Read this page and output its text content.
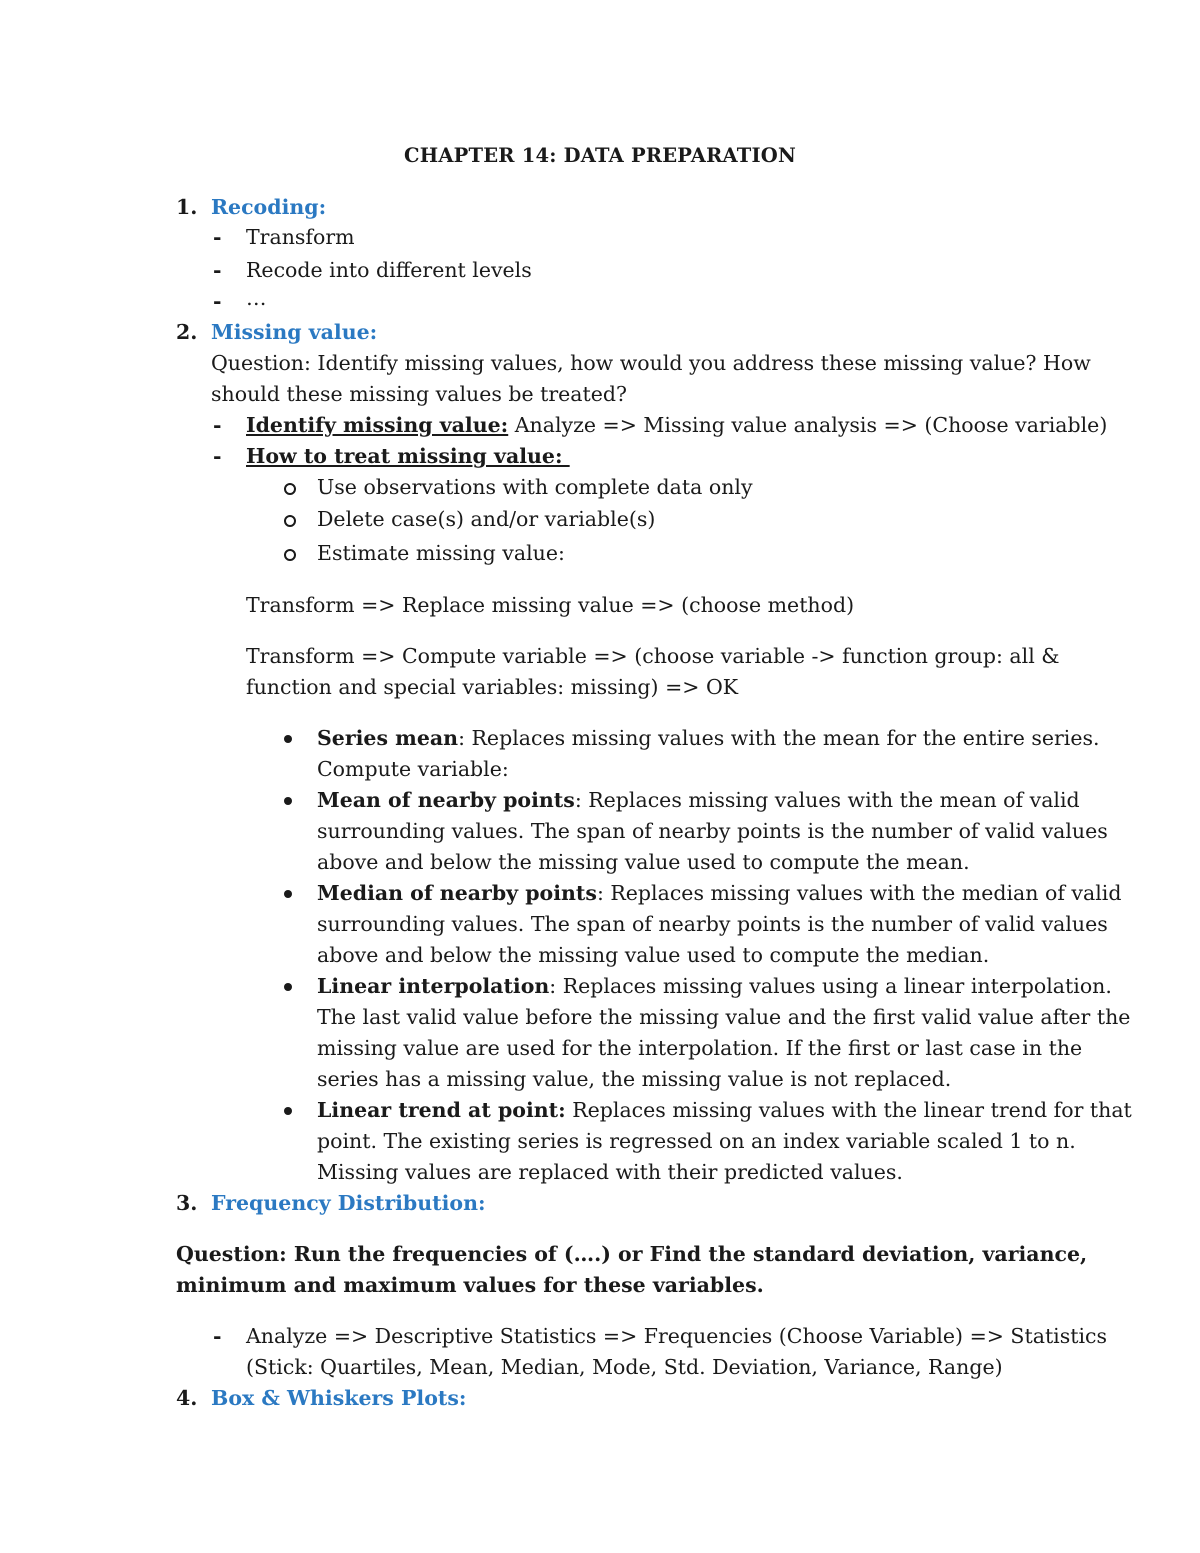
CHAPTER 14: DATA PREPARATION
1. Recoding:
- Transform
- Recode into different levels
- …
2. Missing value:
Question: Identify missing values, how would you address these missing value? How
should these missing values be treated?
- Identify missing value: Analyze => Missing value analysis => (Choose variable)
- How to treat missing value:
Use observations with complete data only
Delete case(s) and/or variable(s)
Estimate missing value:
Transform => Replace missing value => (choose method)
Transform => Compute variable => (choose variable -> function group: all &
function and special variables: missing) => OK
Series mean: Replaces missing values with the mean for the entire series.
Compute variable:
Mean of nearby points: Replaces missing values with the mean of valid
surrounding values. The span of nearby points is the number of valid values
above and below the missing value used to compute the mean.
Median of nearby points: Replaces missing values with the median of valid
surrounding values. The span of nearby points is the number of valid values
above and below the missing value used to compute the median.
Linear interpolation: Replaces missing values using a linear interpolation.
The last valid value before the missing value and the first valid value after the
missing value are used for the interpolation. If the first or last case in the
series has a missing value, the missing value is not replaced.
Linear trend at point: Replaces missing values with the linear trend for that
point. The existing series is regressed on an index variable scaled 1 to n.
Missing values are replaced with their predicted values.
3. Frequency Distribution:
Question: Run the frequencies of (….) or Find the standard deviation, variance,
minimum and maximum values for these variables.
- Analyze => Descriptive Statistics => Frequencies (Choose Variable) => Statistics
(Stick: Quartiles, Mean, Median, Mode, Std. Deviation, Variance, Range)
4. Box & Whiskers Plots:
